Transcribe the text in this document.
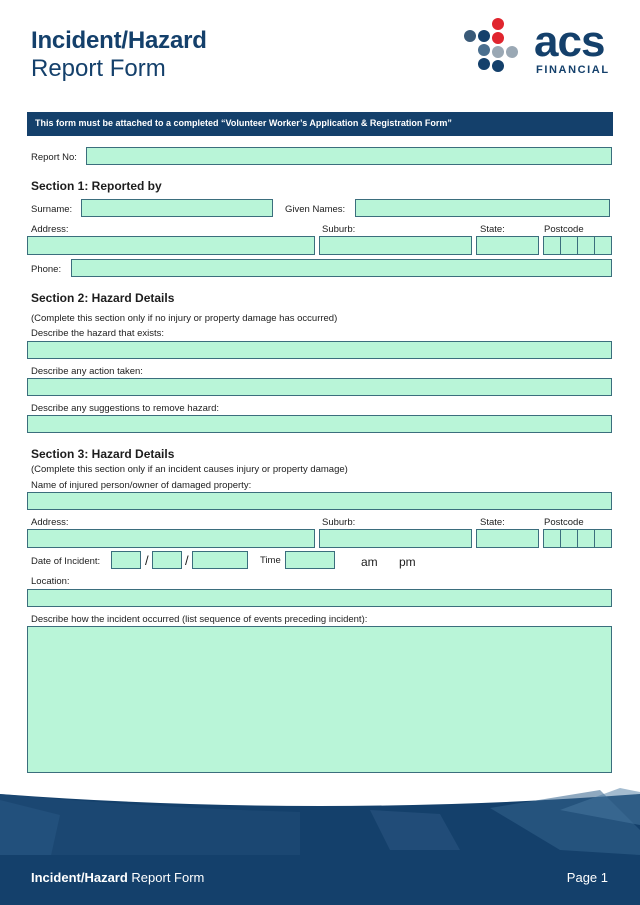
Incident/Hazard
Report Form
acs
FINANCIAL
This form must be attached to a completed “Volunteer Worker’s Application & Registration Form”
Report No:
Section 1: Reported by
Surname:	Given Names:
Address:	Suburb:	State:	Postcode
Phone:
Section 2: Hazard Details
(Complete this section only if no injury or property damage has occurred)
Describe the hazard that exists:
Describe any action taken:
Describe any suggestions to remove hazard:
Section 3: Hazard Details
(Complete this section only if an incident causes injury or property damage)
Name of injured person/owner of damaged property:
Address:	Suburb:	State:	Postcode
Date of Incident:	/	/	Time	am pm
Location:
Describe how the incident occurred (list sequence of events preceding incident):
Incident/Hazard Report Form	Page 1
